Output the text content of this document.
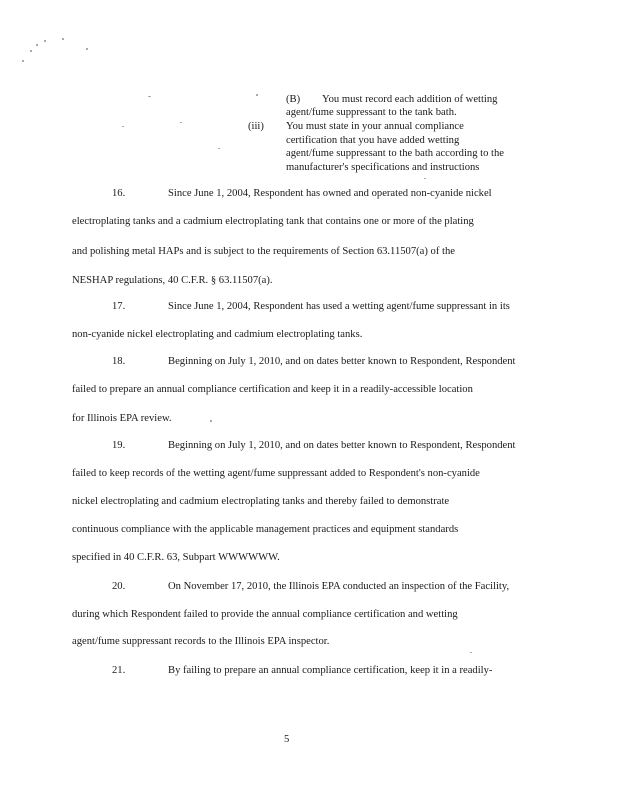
(B) You must record each addition of wetting
agent/fume suppressant to the tank bath.
(iii) You must state in your annual compliance
certification that you have added wetting
agent/fume suppressant to the bath according to the
manufacturer's specifications and instructions
16.	Since June 1, 2004, Respondent has owned and operated non-cyanide nickel
electroplating tanks and a cadmium electroplating tank that contains one or more of the plating
and polishing metal HAPs and is subject to the requirements of Section 63.11507(a) of the
NESHAP regulations, 40 C.F.R. § 63.11507(a).
17.	Since June 1, 2004, Respondent has used a wetting agent/fume suppressant in its
non-cyanide nickel electroplating and cadmium electroplating tanks.
18.	Beginning on July 1, 2010, and on dates better known to Respondent, Respondent
failed to prepare an annual compliance certification and keep it in a readily-accessible location
for Illinois EPA review.
19.	Beginning on July 1, 2010, and on dates better known to Respondent, Respondent
failed to keep records of the wetting agent/fume suppressant added to Respondent's non-cyanide
nickel electroplating and cadmium electroplating tanks and thereby failed to demonstrate
continuous compliance with the applicable management practices and equipment standards
specified in 40 C.F.R. 63, Subpart WWWWWW.
20.	On November 17, 2010, the Illinois EPA conducted an inspection of the Facility,
during which Respondent failed to provide the annual compliance certification and wetting
agent/fume suppressant records to the Illinois EPA inspector.
21.	By failing to prepare an annual compliance certification, keep it in a readily-
5
